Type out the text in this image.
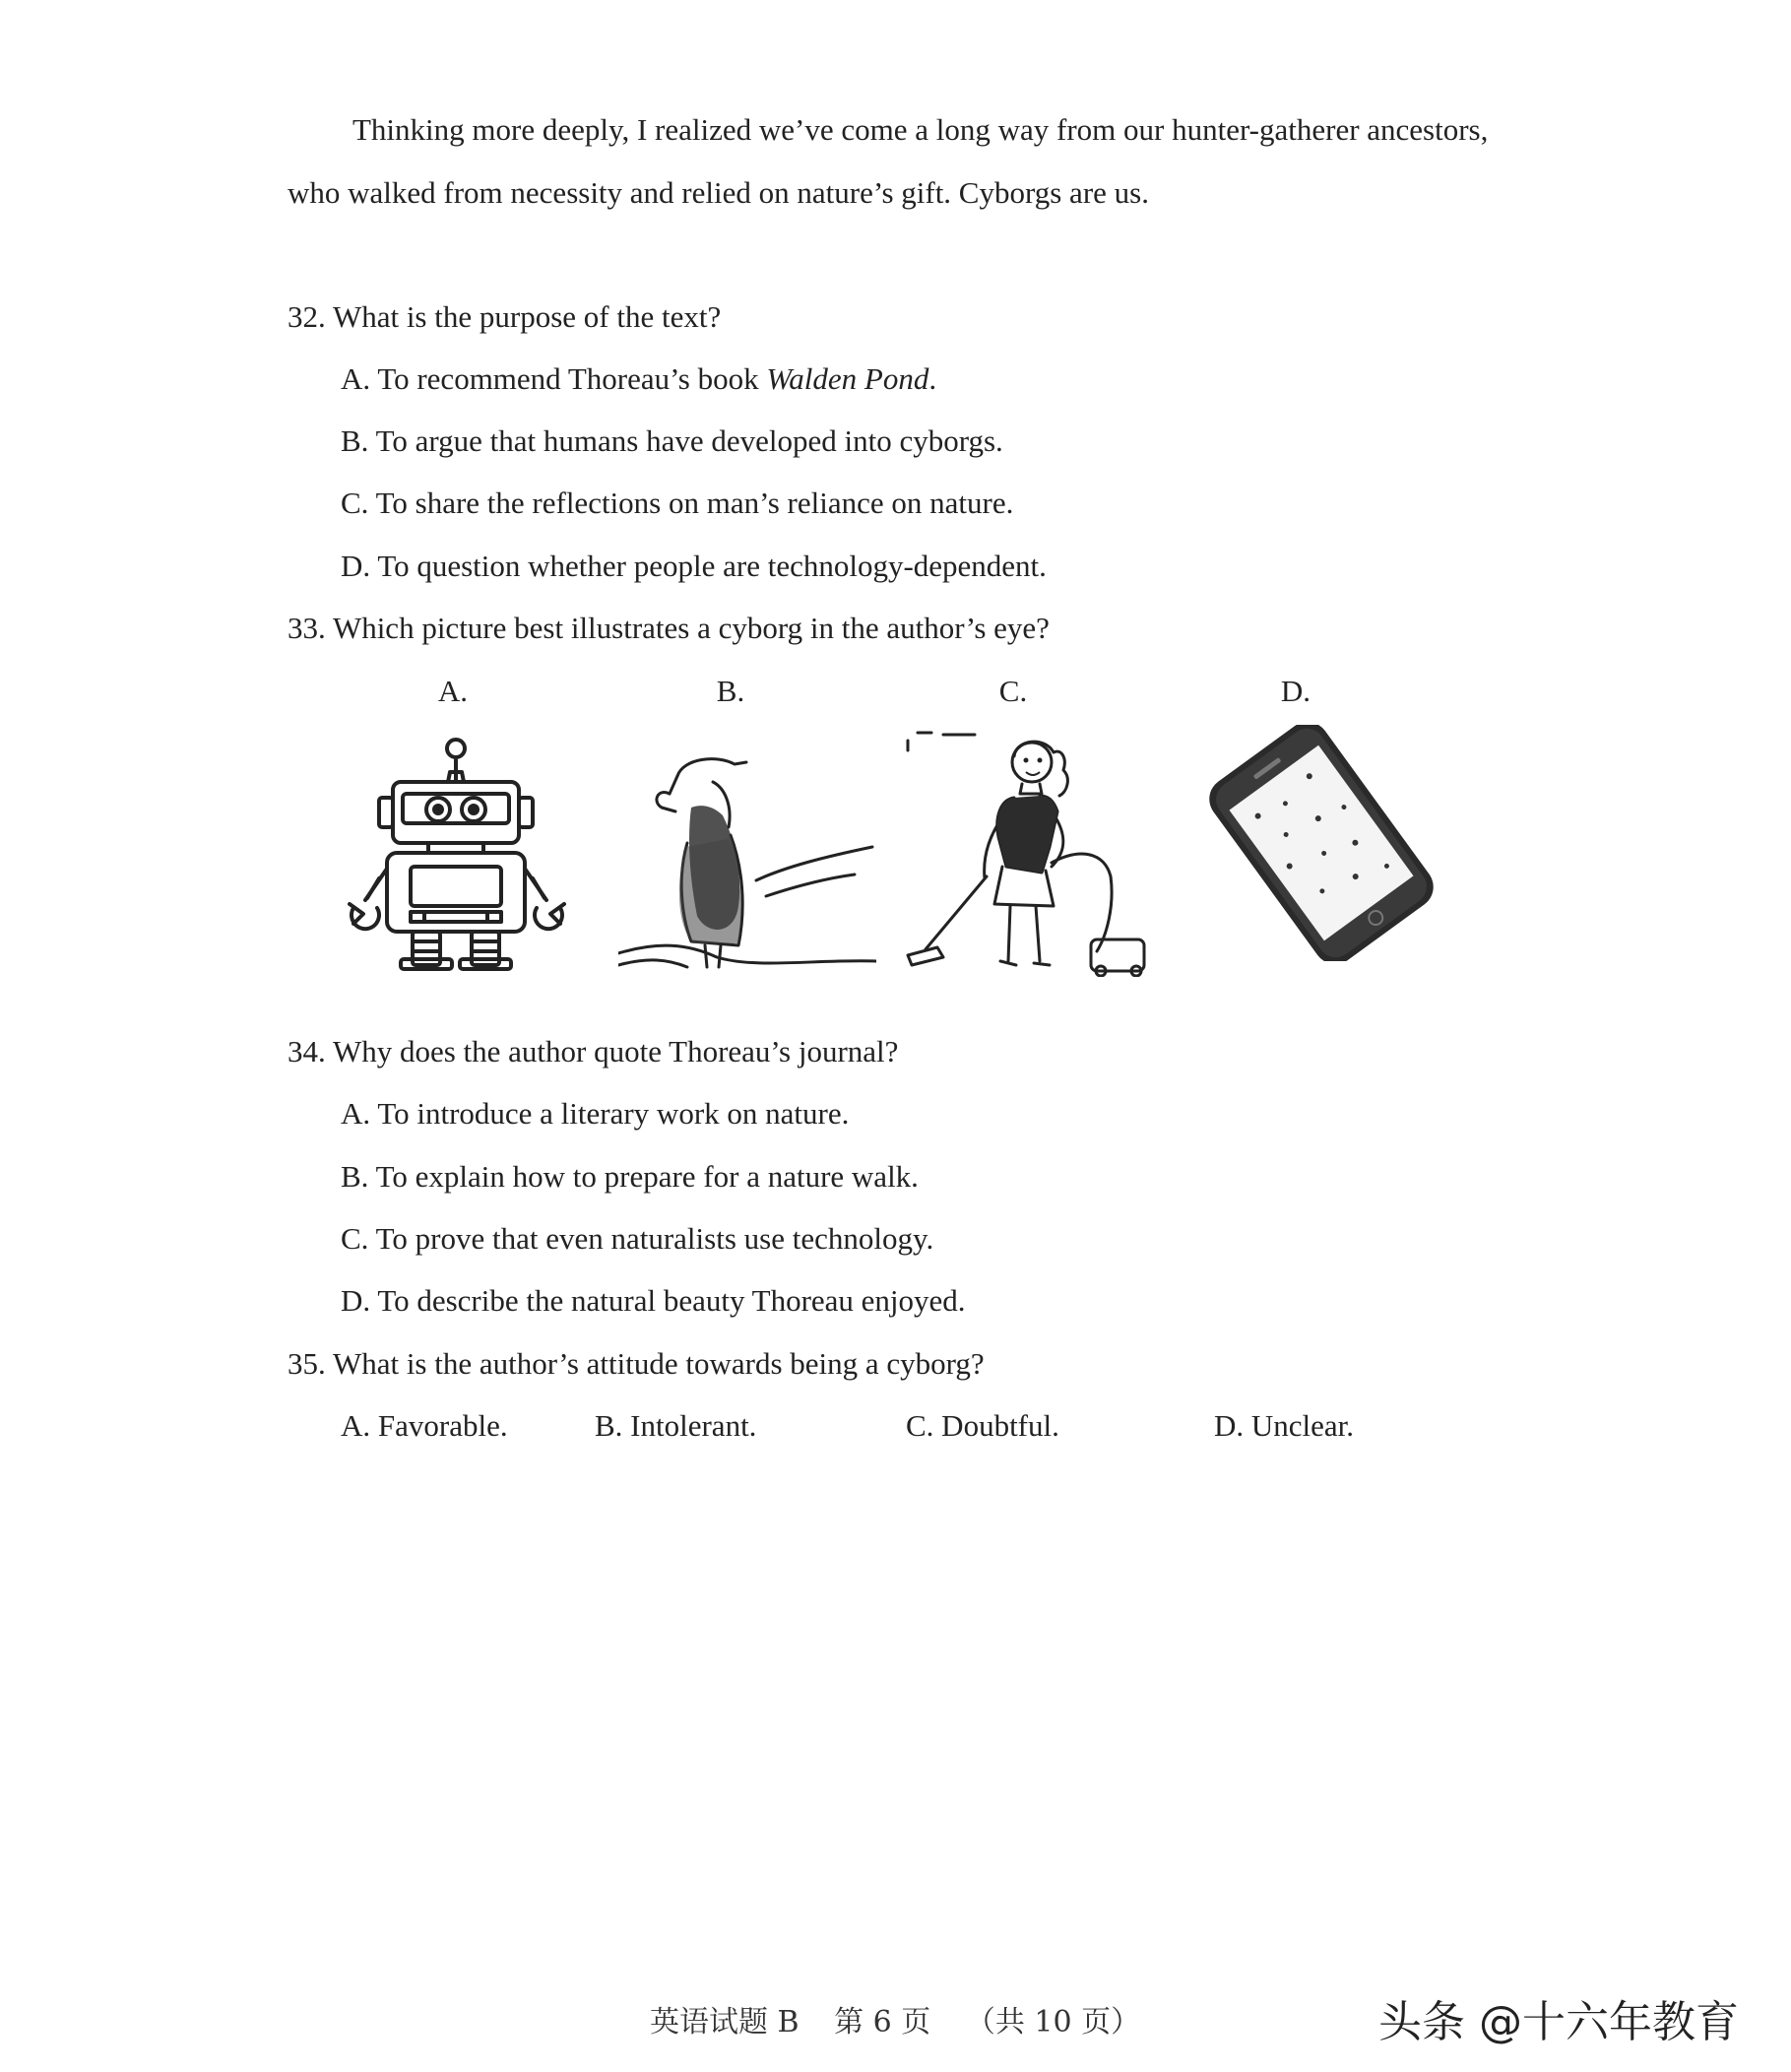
Thinking more deeply, I realized we’ve come a long way from our hunter-gatherer ancestors, who walked from necessity and relied on nature’s gift. Cyborgs are us.

32. What is the purpose of the text?

A. To recommend Thoreau’s book Walden Pond.

B. To argue that humans have developed into cyborgs.

C. To share the reflections on man’s reliance on nature.

D. To question whether people are technology-dependent.

33. Which picture best illustrates a cyborg in the author’s eye?

A.	B.	C.	D.

34. Why does the author quote Thoreau’s journal?

A. To introduce a literary work on nature.

B. To explain how to prepare for a nature walk.

C. To prove that even naturalists use technology.

D. To describe the natural beauty Thoreau enjoyed.

35. What is the author’s attitude towards being a cyborg?

A. Favorable.	B. Intolerant.	C. Doubtful.	D. Unclear.
英语试题 B 第 6 页 （共 10 页）	头条 @十六年教育
